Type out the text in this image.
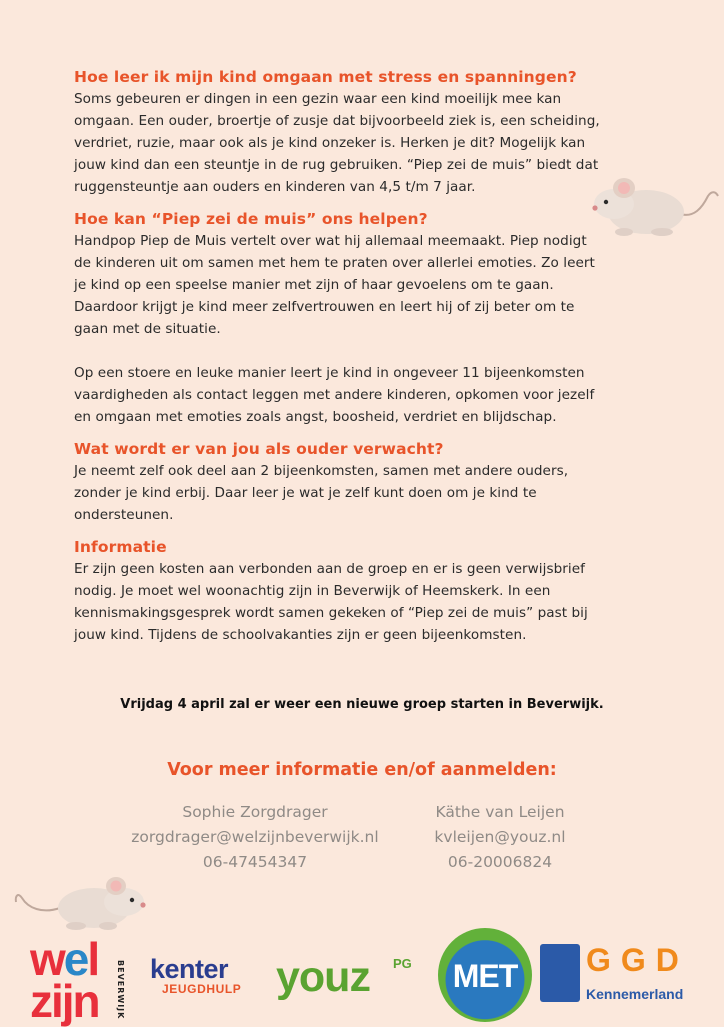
Hoe leer ik mijn kind omgaan met stress en spanningen?

Soms gebeuren er dingen in een gezin waar een kind moeilijk mee kan
omgaan. Een ouder, broertje of zusje dat bijvoorbeeld ziek is, een scheiding,
verdriet, ruzie, maar ook als je kind onzeker is. Herken je dit? Mogelijk kan
jouw kind dan een steuntje in de rug gebruiken. “Piep zei de muis” biedt dat
ruggensteuntje aan ouders en kinderen van 4,5 t/m 7 jaar.

Hoe kan “Piep zei de muis” ons helpen?

Handpop Piep de Muis vertelt over wat hij allemaal meemaakt. Piep nodigt
de kinderen uit om samen met hem te praten over allerlei emoties. Zo leert
je kind op een speelse manier met zijn of haar gevoelens om te gaan.
Daardoor krijgt je kind meer zelfvertrouwen en leert hij of zij beter om te
gaan met de situatie.

Op een stoere en leuke manier leert je kind in ongeveer 11 bijeenkomsten
vaardigheden als contact leggen met andere kinderen, opkomen voor jezelf
en omgaan met emoties zoals angst, boosheid, verdriet en blijdschap.

Wat wordt er van jou als ouder verwacht?

Je neemt zelf ook deel aan 2 bijeenkomsten, samen met andere ouders,
zonder je kind erbij. Daar leer je wat je zelf kunt doen om je kind te
ondersteunen.

Informatie

Er zijn geen kosten aan verbonden aan de groep en er is geen verwijsbrief
nodig. Je moet wel woonachtig zijn in Beverwijk of Heemskerk. In een
kennismakingsgesprek wordt samen gekeken of “Piep zei de muis” past bij
jouw kind. Tijdens de schoolvakanties zijn er geen bijeenkomsten.

Vrijdag 4 april zal er weer een nieuwe groep starten in Beverwijk.
Voor meer informatie en/of aanmelden:
Sophie Zorgdrager
zorgdrager@welzijnbeverwijk.nl
06-47454347
Käthe van Leijen
kvleijen@youz.nl
06-20006824
wel
zijn	BEVERWIJK kenter
JEUGDHULP youz	PG	MET	GGD
Kennemerland
